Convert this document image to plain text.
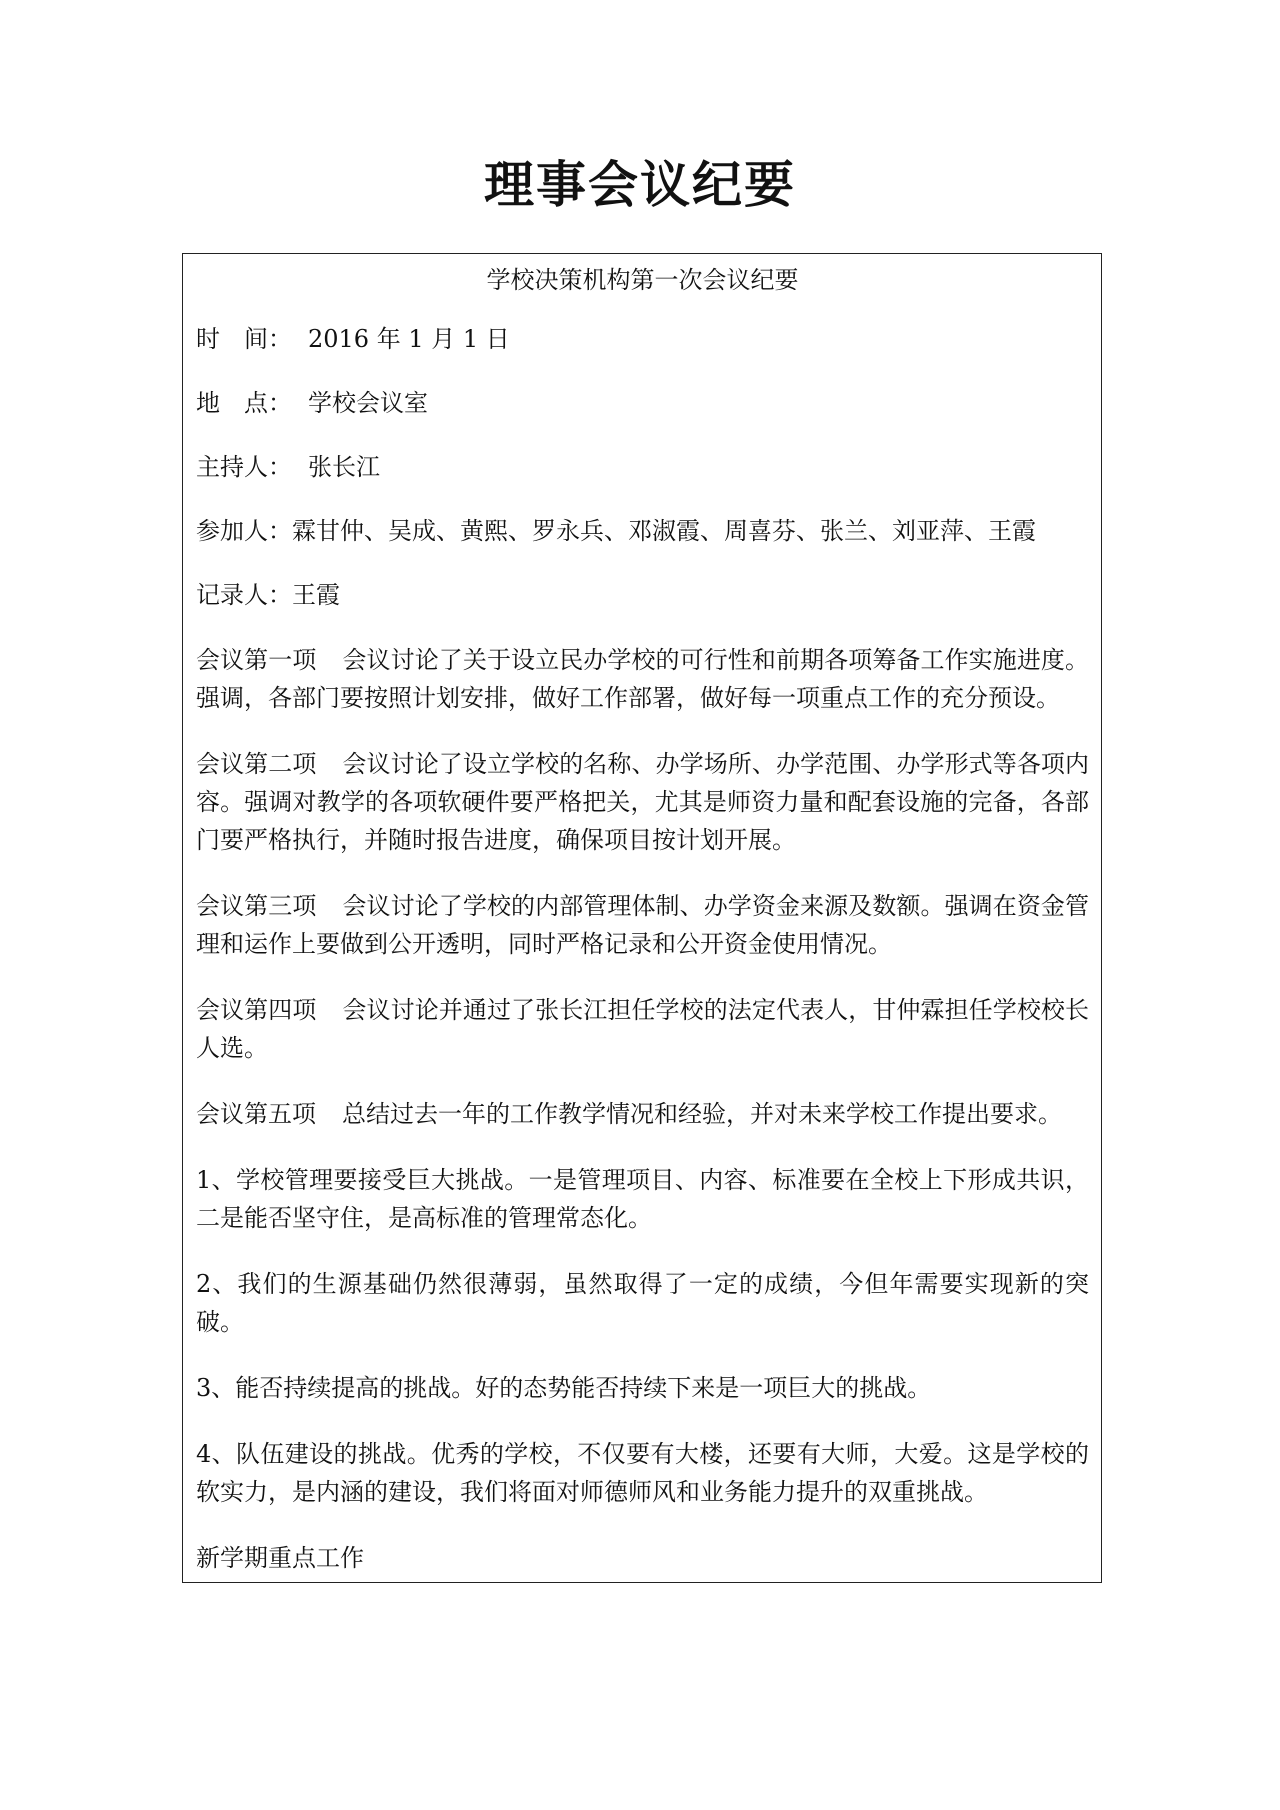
理事会议纪要
学校决策机构第一次会议纪要
时　间： 2016 年 1 月 1 日
地　点： 学校会议室
主持人： 张长江
参加人：霖甘仲、吴成、黄熙、罗永兵、邓淑霞、周喜芬、张兰、刘亚萍、王霞
记录人：王霞
会议第一项 会议讨论了关于设立民办学校的可行性和前期各项筹备工作实施进度。强调，各部门要按照计划安排，做好工作部署，做好每一项重点工作的充分预设。
会议第二项 会议讨论了设立学校的名称、办学场所、办学范围、办学形式等各项内容。强调对教学的各项软硬件要严格把关，尤其是师资力量和配套设施的完备，各部门要严格执行，并随时报告进度，确保项目按计划开展。
会议第三项 会议讨论了学校的内部管理体制、办学资金来源及数额。强调在资金管理和运作上要做到公开透明，同时严格记录和公开资金使用情况。
会议第四项 会议讨论并通过了张长江担任学校的法定代表人，甘仲霖担任学校校长人选。
会议第五项 总结过去一年的工作教学情况和经验，并对未来学校工作提出要求。
1、学校管理要接受巨大挑战。一是管理项目、内容、标准要在全校上下形成共识，二是能否坚守住，是高标准的管理常态化。
2、我们的生源基础仍然很薄弱，虽然取得了一定的成绩，今但年需要实现新的突破。
3、能否持续提高的挑战。好的态势能否持续下来是一项巨大的挑战。
4、队伍建设的挑战。优秀的学校，不仅要有大楼，还要有大师，大爱。这是学校的软实力，是内涵的建设，我们将面对师德师风和业务能力提升的双重挑战。
新学期重点工作
